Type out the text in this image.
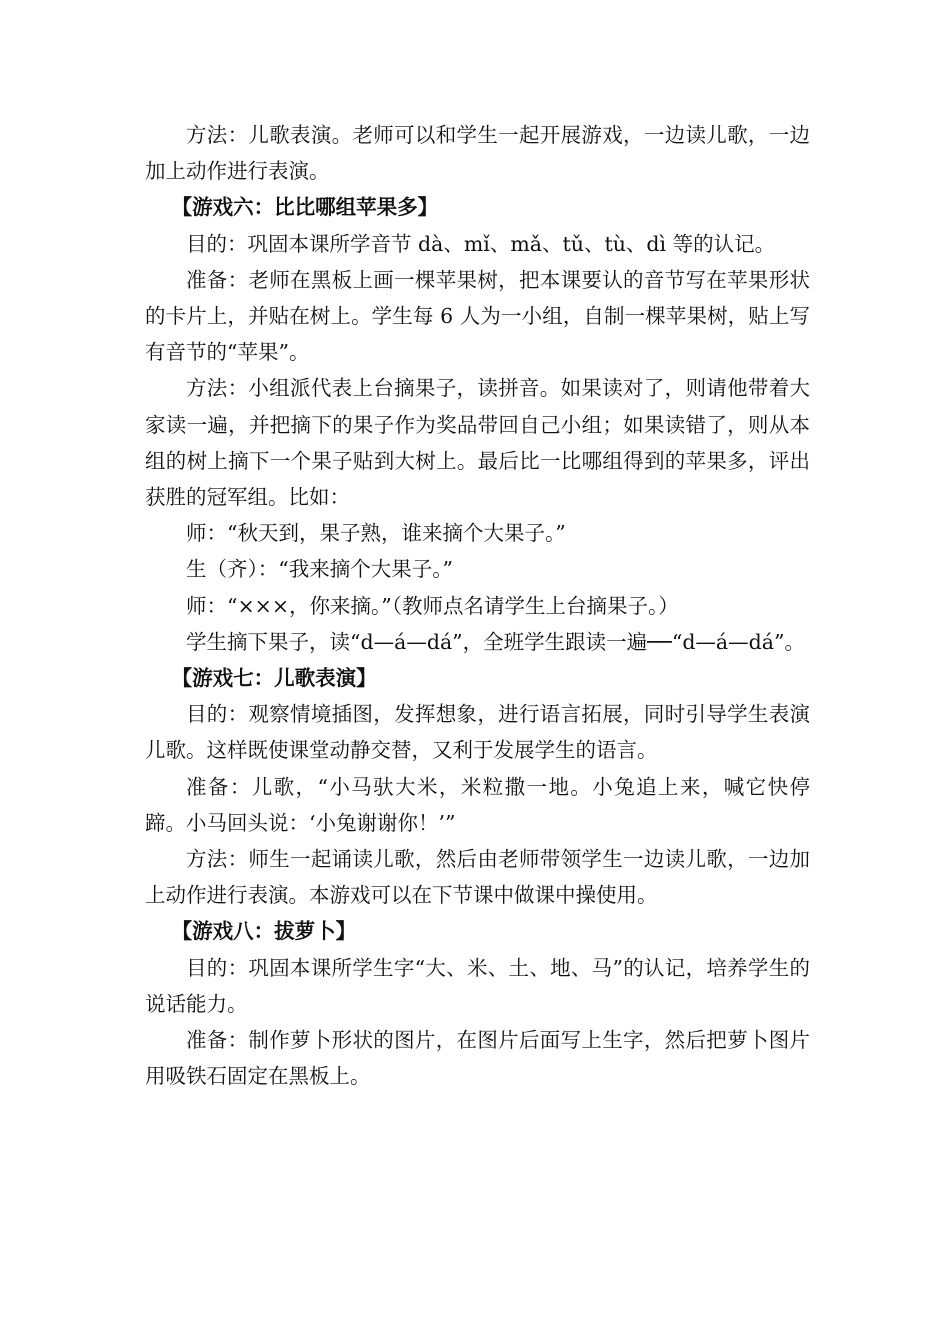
方法：儿歌表演。老师可以和学生一起开展游戏，一边读儿歌，一边加上动作进行表演。

【游戏六：比比哪组苹果多】

目的：巩固本课所学音节 dà、mǐ、mǎ、tǔ、tù、dì 等的认记。

准备：老师在黑板上画一棵苹果树，把本课要认的音节写在苹果形状的卡片上，并贴在树上。学生每 6 人为一小组，自制一棵苹果树，贴上写有音节的“苹果”。

方法：小组派代表上台摘果子，读拼音。如果读对了，则请他带着大家读一遍，并把摘下的果子作为奖品带回自己小组；如果读错了，则从本组的树上摘下一个果子贴到大树上。最后比一比哪组得到的苹果多，评出获胜的冠军组。比如：

师：“秋天到，果子熟，谁来摘个大果子。”

生（齐）：“我来摘个大果子。”

师：“×××，你来摘。”（教师点名请学生上台摘果子。）

学生摘下果子，读“d—á—dá”，全班学生跟读一遍──“d—á—dá”。

【游戏七：儿歌表演】

目的：观察情境插图，发挥想象，进行语言拓展，同时引导学生表演儿歌。这样既使课堂动静交替，又利于发展学生的语言。

准备：儿歌，“小马驮大米，米粒撒一地。小兔追上来，喊它快停蹄。小马回头说：‘小兔谢谢你！’”

方法：师生一起诵读儿歌，然后由老师带领学生一边读儿歌，一边加上动作进行表演。本游戏可以在下节课中做课中操使用。

【游戏八：拔萝卜】

目的：巩固本课所学生字“大、米、土、地、马”的认记，培养学生的说话能力。

准备：制作萝卜形状的图片，在图片后面写上生字，然后把萝卜图片用吸铁石固定在黑板上。
